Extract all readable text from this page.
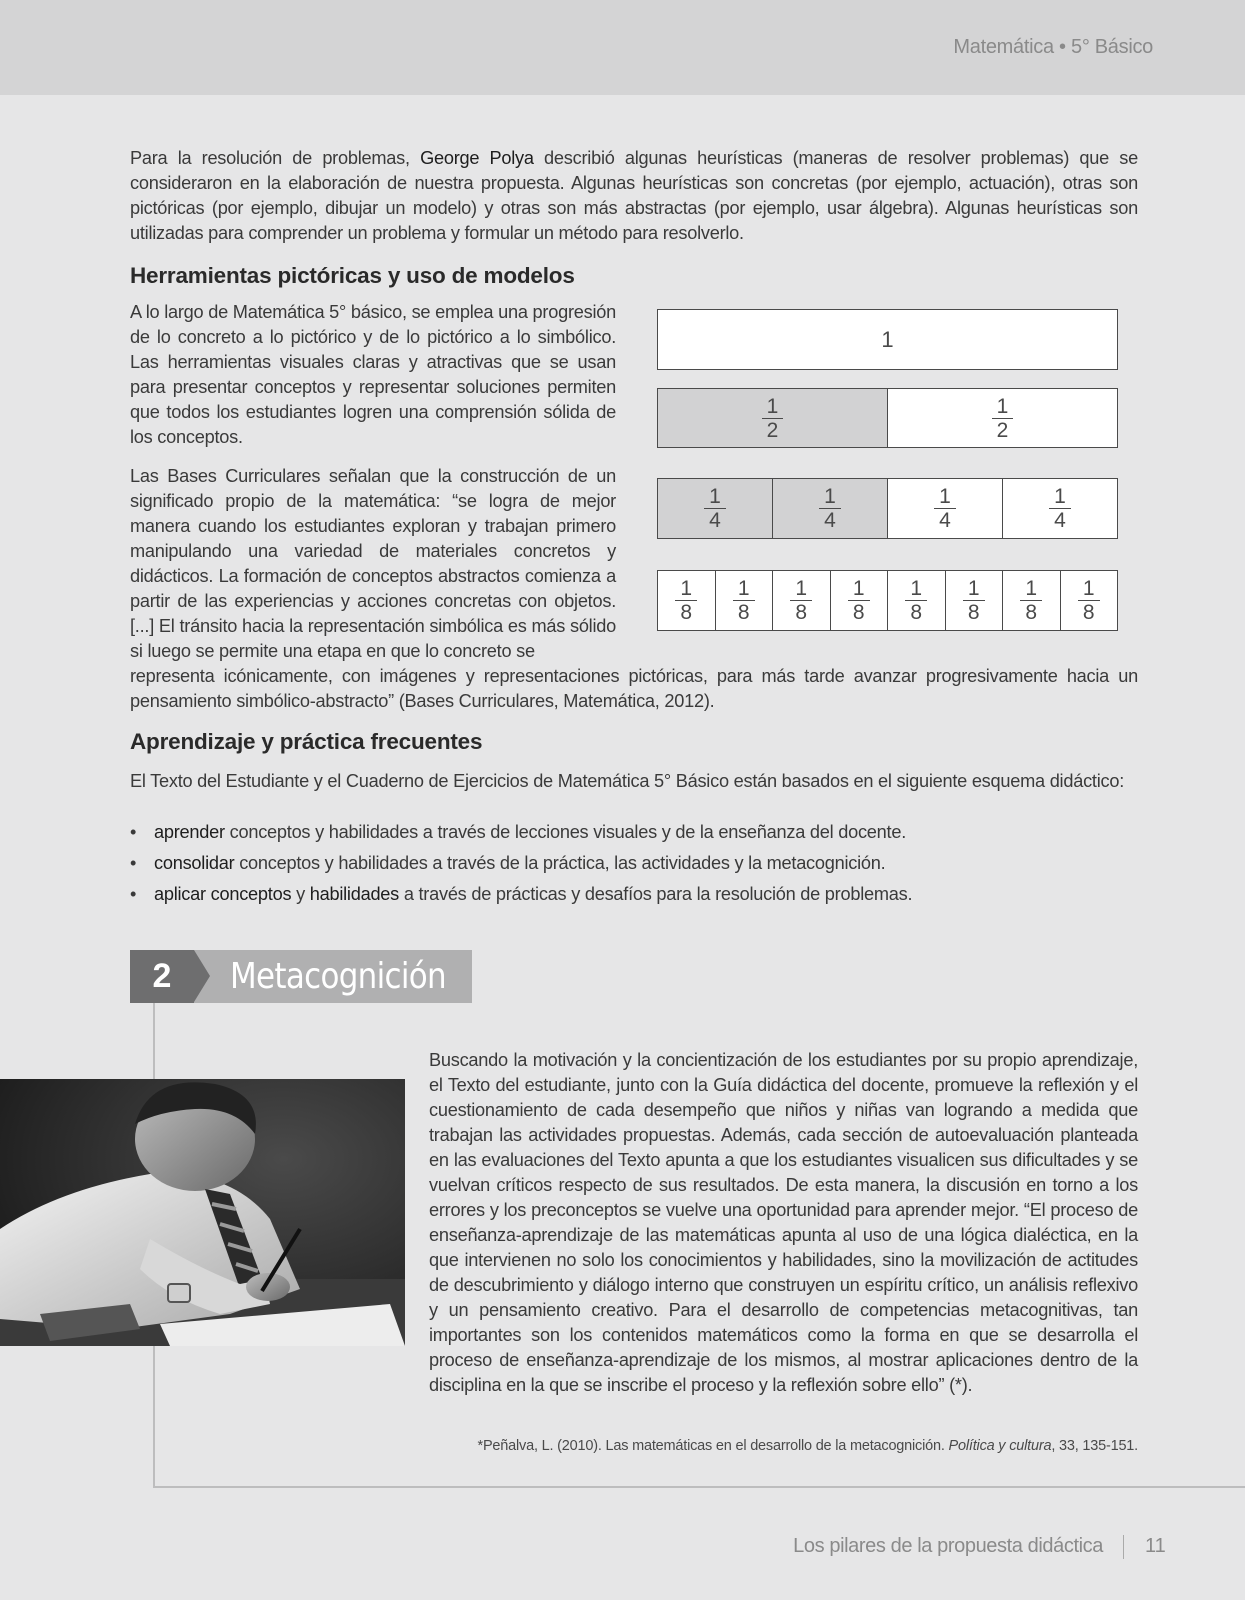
Matemática • 5° Básico

Para la resolución de problemas, George Polya describió algunas heurísticas (maneras de resolver problemas) que se consideraron en la elaboración de nuestra propuesta. Algunas heurísticas son concretas (por ejemplo, actuación), otras son pictóricas (por ejemplo, dibujar un modelo) y otras son más abstractas (por ejemplo, usar álgebra). Algunas heurísticas son utilizadas para comprender un problema y formular un método para resolverlo.

Herramientas pictóricas y uso de modelos

A lo largo de Matemática 5° básico, se emplea una progresión de lo concreto a lo pictórico y de lo pictórico a lo simbólico. Las herramientas visuales claras y atractivas que se usan para presentar conceptos y representar soluciones permiten que todos los estudiantes logren una comprensión sólida de los conceptos.

Las Bases Curriculares señalan que la construcción de un significado propio de la matemática: “se logra de mejor manera cuando los estudiantes exploran y trabajan primero manipulando una variedad de materiales concretos y didácticos. La formación de conceptos abstractos comienza a partir de las experiencias y acciones concretas con objetos. [...] El tránsito hacia la representación simbólica es más sólido si luego se permite una etapa en que lo concreto se

representa icónicamente, con imágenes y representaciones pictóricas, para más tarde avanzar progresivamente hacia un pensamiento simbólico-abstracto” (Bases Curriculares, Matemática, 2012).

1
$\frac{1}{2}$	$\frac{1}{2}$
$\frac{1}{4}$	$\frac{1}{4}$	$\frac{1}{4}$	$\frac{1}{4}$
$\frac{1}{8} \frac{1}{8} \frac{1}{8} \frac{1}{8} \frac{1}{8} \frac{1}{8} \frac{1}{8} \frac{1}{8}$
Aprendizaje y práctica frecuentes

El Texto del Estudiante y el Cuaderno de Ejercicios de Matemática 5° Básico están basados en el siguiente esquema didáctico:

• aprender conceptos y habilidades a través de lecciones visuales y de la enseñanza del docente.
• consolidar conceptos y habilidades a través de la práctica, las actividades y la metacognición.
• aplicar conceptos y habilidades a través de prácticas y desafíos para la resolución de problemas.
2	Metacognición

Buscando la motivación y la concientización de los estudiantes por su propio aprendizaje, el Texto del estudiante, junto con la Guía didáctica del docente, promueve la reflexión y el cuestionamiento de cada desempeño que niños y niñas van logrando a medida que trabajan las actividades propuestas. Además, cada sección de autoevaluación planteada en las evaluaciones del Texto apunta a que los estudiantes visualicen sus dificultades y se vuelvan críticos respecto de sus resultados. De esta manera, la discusión en torno a los errores y los preconceptos se vuelve una oportunidad para aprender mejor. “El proceso de enseñanza-aprendizaje de las matemáticas apunta al uso de una lógica dialéctica, en la que intervienen no solo los conocimientos y habilidades, sino la movilización de actitudes de descubrimiento y diálogo interno que construyen un espíritu crítico, un análisis reflexivo y un pensamiento creativo. Para el desarrollo de competencias metacognitivas, tan importantes son los contenidos matemáticos como la forma en que se desarrolla el proceso de enseñanza-aprendizaje de los mismos, al mostrar aplicaciones dentro de la disciplina en la que se inscribe el proceso y la reflexión sobre ello” (*).

*Peñalva, L. (2010). Las matemáticas en el desarrollo de la metacognición. Política y cultura, 33, 135-151.
Los pilares de la propuesta didáctica 11
